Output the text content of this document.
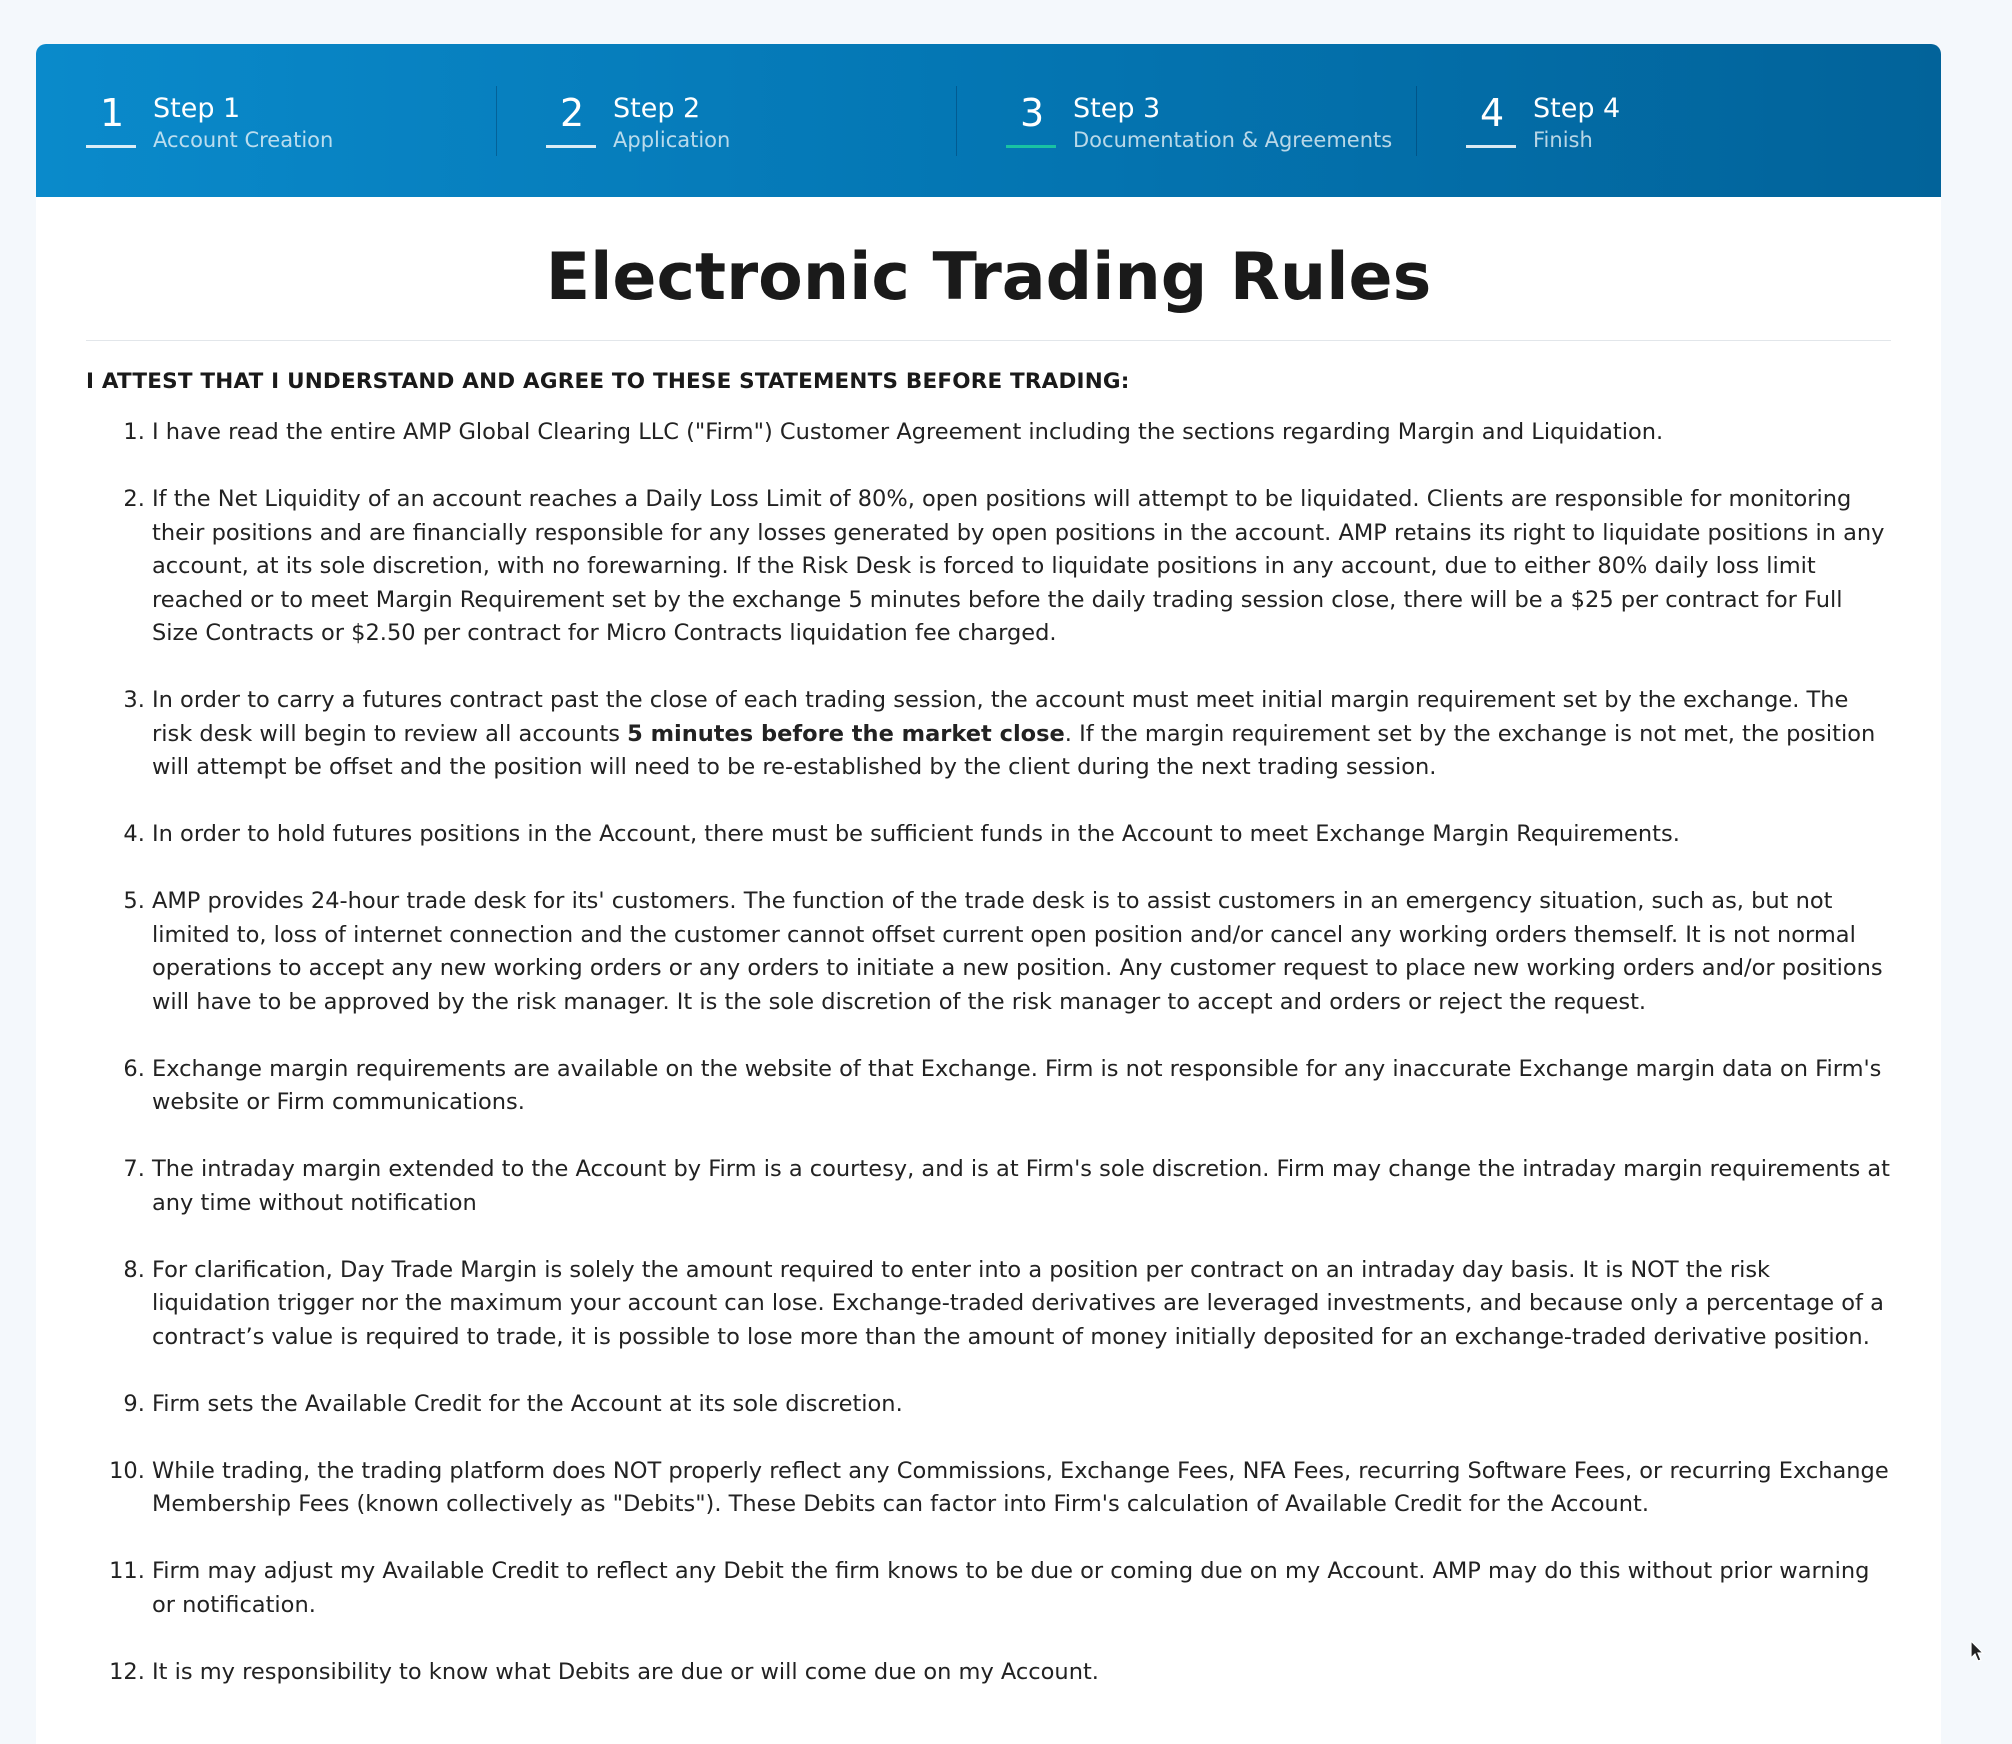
1 Step 1
Account Creation
2 Step 2
Application
3 Step 3
Documentation & Agreements
4 Step 4
Finish
Electronic Trading Rules

I ATTEST THAT I UNDERSTAND AND AGREE TO THESE STATEMENTS BEFORE TRADING:

1. I have read the entire AMP Global Clearing LLC ("Firm") Customer Agreement including the sections regarding Margin and Liquidation.
2. If the Net Liquidity of an account reaches a Daily Loss Limit of 80%, open positions will attempt to be liquidated. Clients are responsible for monitoring their positions and are financially responsible for any losses generated by open positions in the account. AMP retains its right to liquidate positions in any account, at its sole discretion, with no forewarning. If the Risk Desk is forced to liquidate positions in any account, due to either 80% daily loss limit reached or to meet Margin Requirement set by the exchange 5 minutes before the daily trading session close, there will be a $25 per contract for Full Size Contracts or $2.50 per contract for Micro Contracts liquidation fee charged.
3. In order to carry a futures contract past the close of each trading session, the account must meet initial margin requirement set by the exchange. The risk desk will begin to review all accounts 5 minutes before the market close. If the margin requirement set by the exchange is not met, the position will attempt be offset and the position will need to be re-established by the client during the next trading session.
4. In order to hold futures positions in the Account, there must be sufficient funds in the Account to meet Exchange Margin Requirements.
5. AMP provides 24-hour trade desk for its' customers. The function of the trade desk is to assist customers in an emergency situation, such as, but not limited to, loss of internet connection and the customer cannot offset current open position and/or cancel any working orders themself. It is not normal operations to accept any new working orders or any orders to initiate a new position. Any customer request to place new working orders and/or positions will have to be approved by the risk manager. It is the sole discretion of the risk manager to accept and orders or reject the request.
6. Exchange margin requirements are available on the website of that Exchange. Firm is not responsible for any inaccurate Exchange margin data on Firm's website or Firm communications.
7. The intraday margin extended to the Account by Firm is a courtesy, and is at Firm's sole discretion. Firm may change the intraday margin requirements at any time without notification
8. For clarification, Day Trade Margin is solely the amount required to enter into a position per contract on an intraday day basis. It is NOT the risk liquidation trigger nor the maximum your account can lose. Exchange-traded derivatives are leveraged investments, and because only a percentage of a contract’s value is required to trade, it is possible to lose more than the amount of money initially deposited for an exchange-traded derivative position.
9. Firm sets the Available Credit for the Account at its sole discretion.
10. While trading, the trading platform does NOT properly reflect any Commissions, Exchange Fees, NFA Fees, recurring Software Fees, or recurring Exchange Membership Fees (known collectively as "Debits"). These Debits can factor into Firm's calculation of Available Credit for the Account.
11. Firm may adjust my Available Credit to reflect any Debit the firm knows to be due or coming due on my Account. AMP may do this without prior warning or notification.
12. It is my responsibility to know what Debits are due or will come due on my Account.
